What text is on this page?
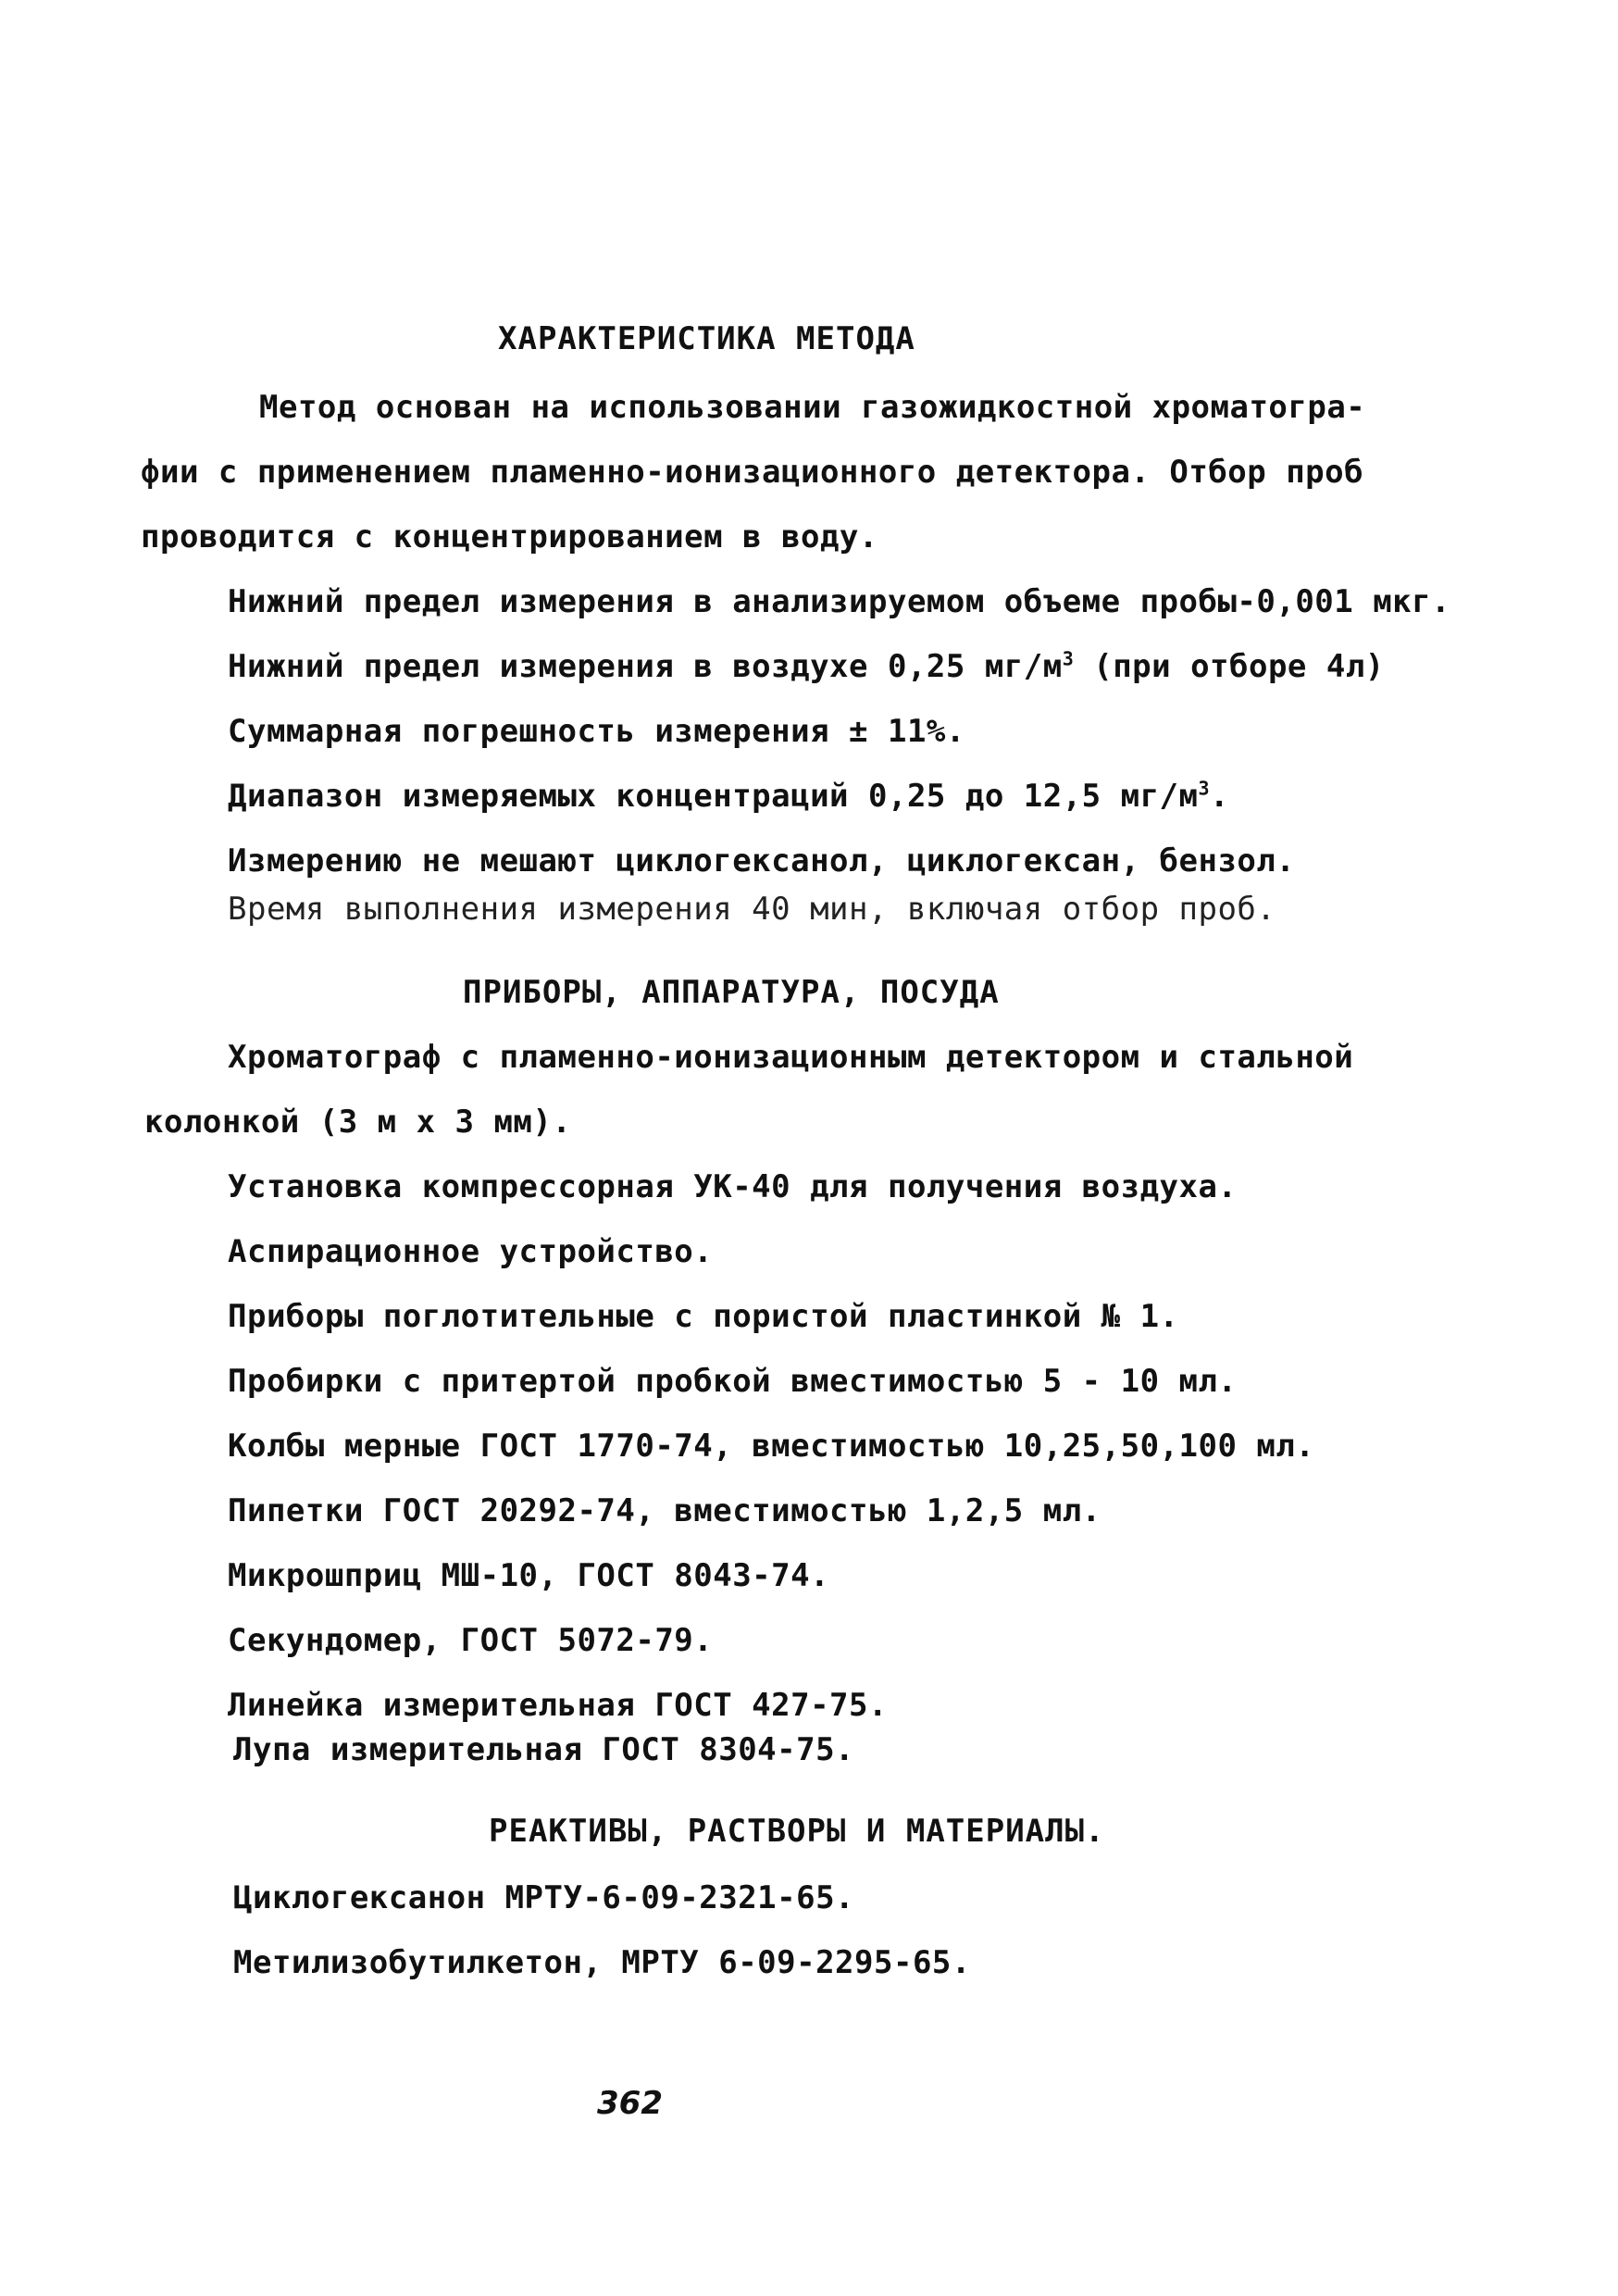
ХАРАКТЕРИСТИКА МЕТОДА
Метод основан на использовании газожидкостной хроматогра-
фии с применением пламенно-ионизационного детектора. Отбор проб
проводится с концентрированием в воду.
Нижний предел измерения в анализируемом объеме пробы-0,001 мкг.
Нижний предел измерения в воздухе 0,25 $мг/м^3$ (при отборе 4л)
Суммарная погрешность измерения ± 11%.
Диапазон измеряемых концентраций 0,25 до 12,5 $мг/м^3$.
Измерению не мешают циклогексанол, циклогексан, бензол.
Время выполнения измерения 40 мин, включая отбор проб.
ПРИБОРЫ, АППАРАТУРА, ПОСУДА
Хроматограф с пламенно-ионизационным детектором и стальной
колонкой (3 м х 3 мм).
Установка компрессорная УК-40 для получения воздуха.
Аспирационное устройство.
Приборы поглотительные с пористой пластинкой № 1.
Пробирки с притертой пробкой вместимостью 5 - 10 мл.
Колбы мерные ГОСТ 1770-74, вместимостью 10,25,50,100 мл.
Пипетки ГОСТ 20292-74, вместимостью 1,2,5 мл.
Микрошприц МШ-10, ГОСТ 8043-74.
Секундомер, ГОСТ 5072-79.
Линейка измерительная ГОСТ 427-75.
Лупа измерительная ГОСТ 8304-75.
РЕАКТИВЫ, РАСТВОРЫ И МАТЕРИАЛЫ.
Циклогексанон МРТУ-6-09-2321-65.
Метилизобутилкетон, МРТУ 6-09-2295-65.
362
